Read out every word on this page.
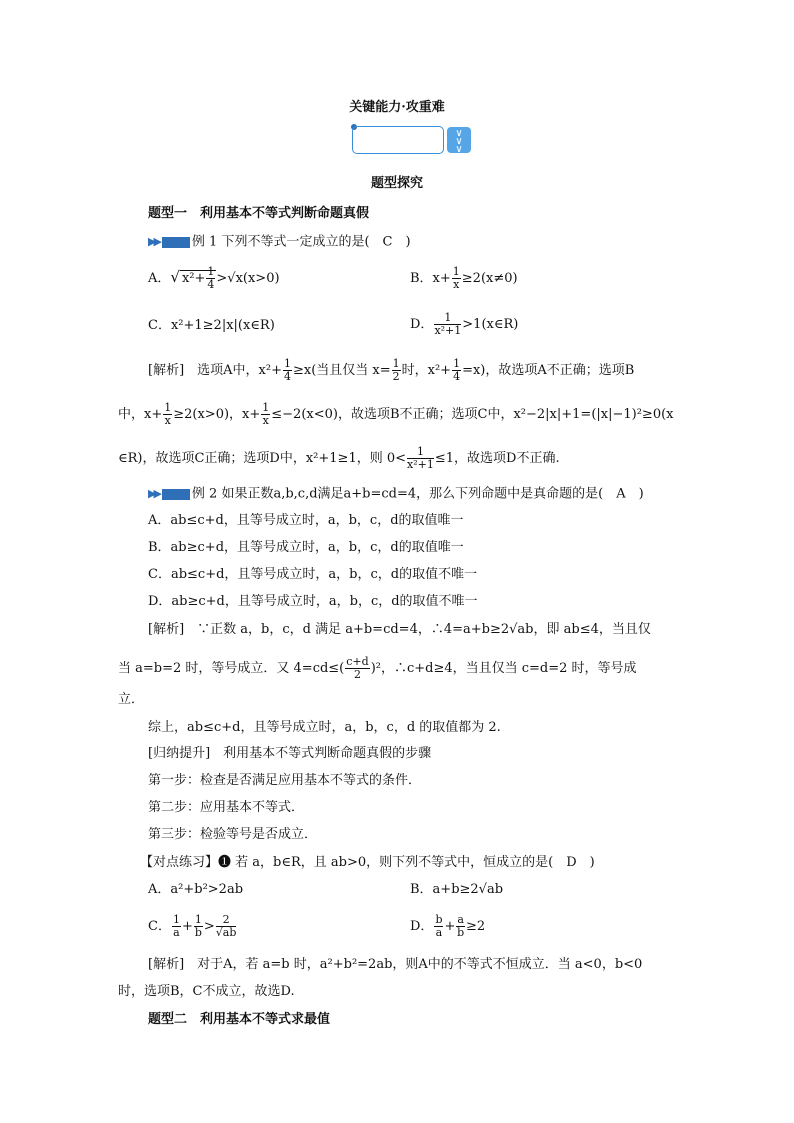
关键能力·攻重难
∨
∨
∨
题型探究
题型一　利用基本不等式判断命题真假
▶▶	例 1 下列不等式一定成立的是(　C　)
A．√ $x^2+ \frac{1}{4} >√x(x>0)$	B．$x+ \frac{1}{x} \ge 2(x\ne 0)$
C．x²+1≥2|x|(x∈R)	D． $\frac{1}{\text{x²+1}}$ >1(x∈R)
[解析]　选项A中，$x^2+ \frac{1}{4} \ge x$(当且仅当 $x= \frac{1}{2}$ 时，$x^2+ \frac{1}{4} =x$)，故选项A不正确；选项B
中，$x+ \frac{1}{x} \ge 2(x>0)$，$x+ \frac{1}{x} \le-2(x<0)$，故选项B不正确；选项C中，x²−2|x|+1=(|x|−1)²≥0(x
∈R)，故选项C正确；选项D中，x²+1≥1，则 $0< \frac{1}{\text{x²+1}} \le 1$，故选项D不正确.
▶▶	例 2 如果正数a,b,c,d满足a+b=cd=4，那么下列命题中是真命题的是(　A　)
A．ab≤c+d，且等号成立时，a，b，c，d的取值唯一
B．ab≥c+d，且等号成立时，a，b，c，d的取值唯一
C．ab≤c+d，且等号成立时，a，b，c，d的取值不唯一
D．ab≥c+d，且等号成立时，a，b，c，d的取值不唯一
[解析]　∵正数 a，b，c，d 满足 a+b=cd=4，∴4=a+b≥2√ab，即 ab≤4，当且仅
当 a=b=2 时，等号成立．又 $4=cd\le( \frac{c+d}{2} )^2$，∴c+d≥4，当且仅当 c=d=2 时，等号成
立．
综上，ab≤c+d，且等号成立时，a，b，c，d 的取值都为 2.
[归纳提升]　利用基本不等式判断命题真假的步骤
第一步：检查是否满足应用基本不等式的条件．
第二步：应用基本不等式．
第三步：检验等号是否成立．
【对点练习】❶ 若 a，b∈R，且 ab>0，则下列不等式中，恒成立的是(　D　)
A．a²+b²>2ab	B．a+b≥2√ab
C． $\frac{1}{a} + \frac{1}{b} > \frac{2}{√ab}$	D． $\frac{b}{a} + \frac{a}{b} \ge 2$
[解析]　对于A，若 a=b 时，a²+b²=2ab，则A中的不等式不恒成立．当 a<0，b<0
时，选项B，C不成立，故选D.
题型二　利用基本不等式求最值
